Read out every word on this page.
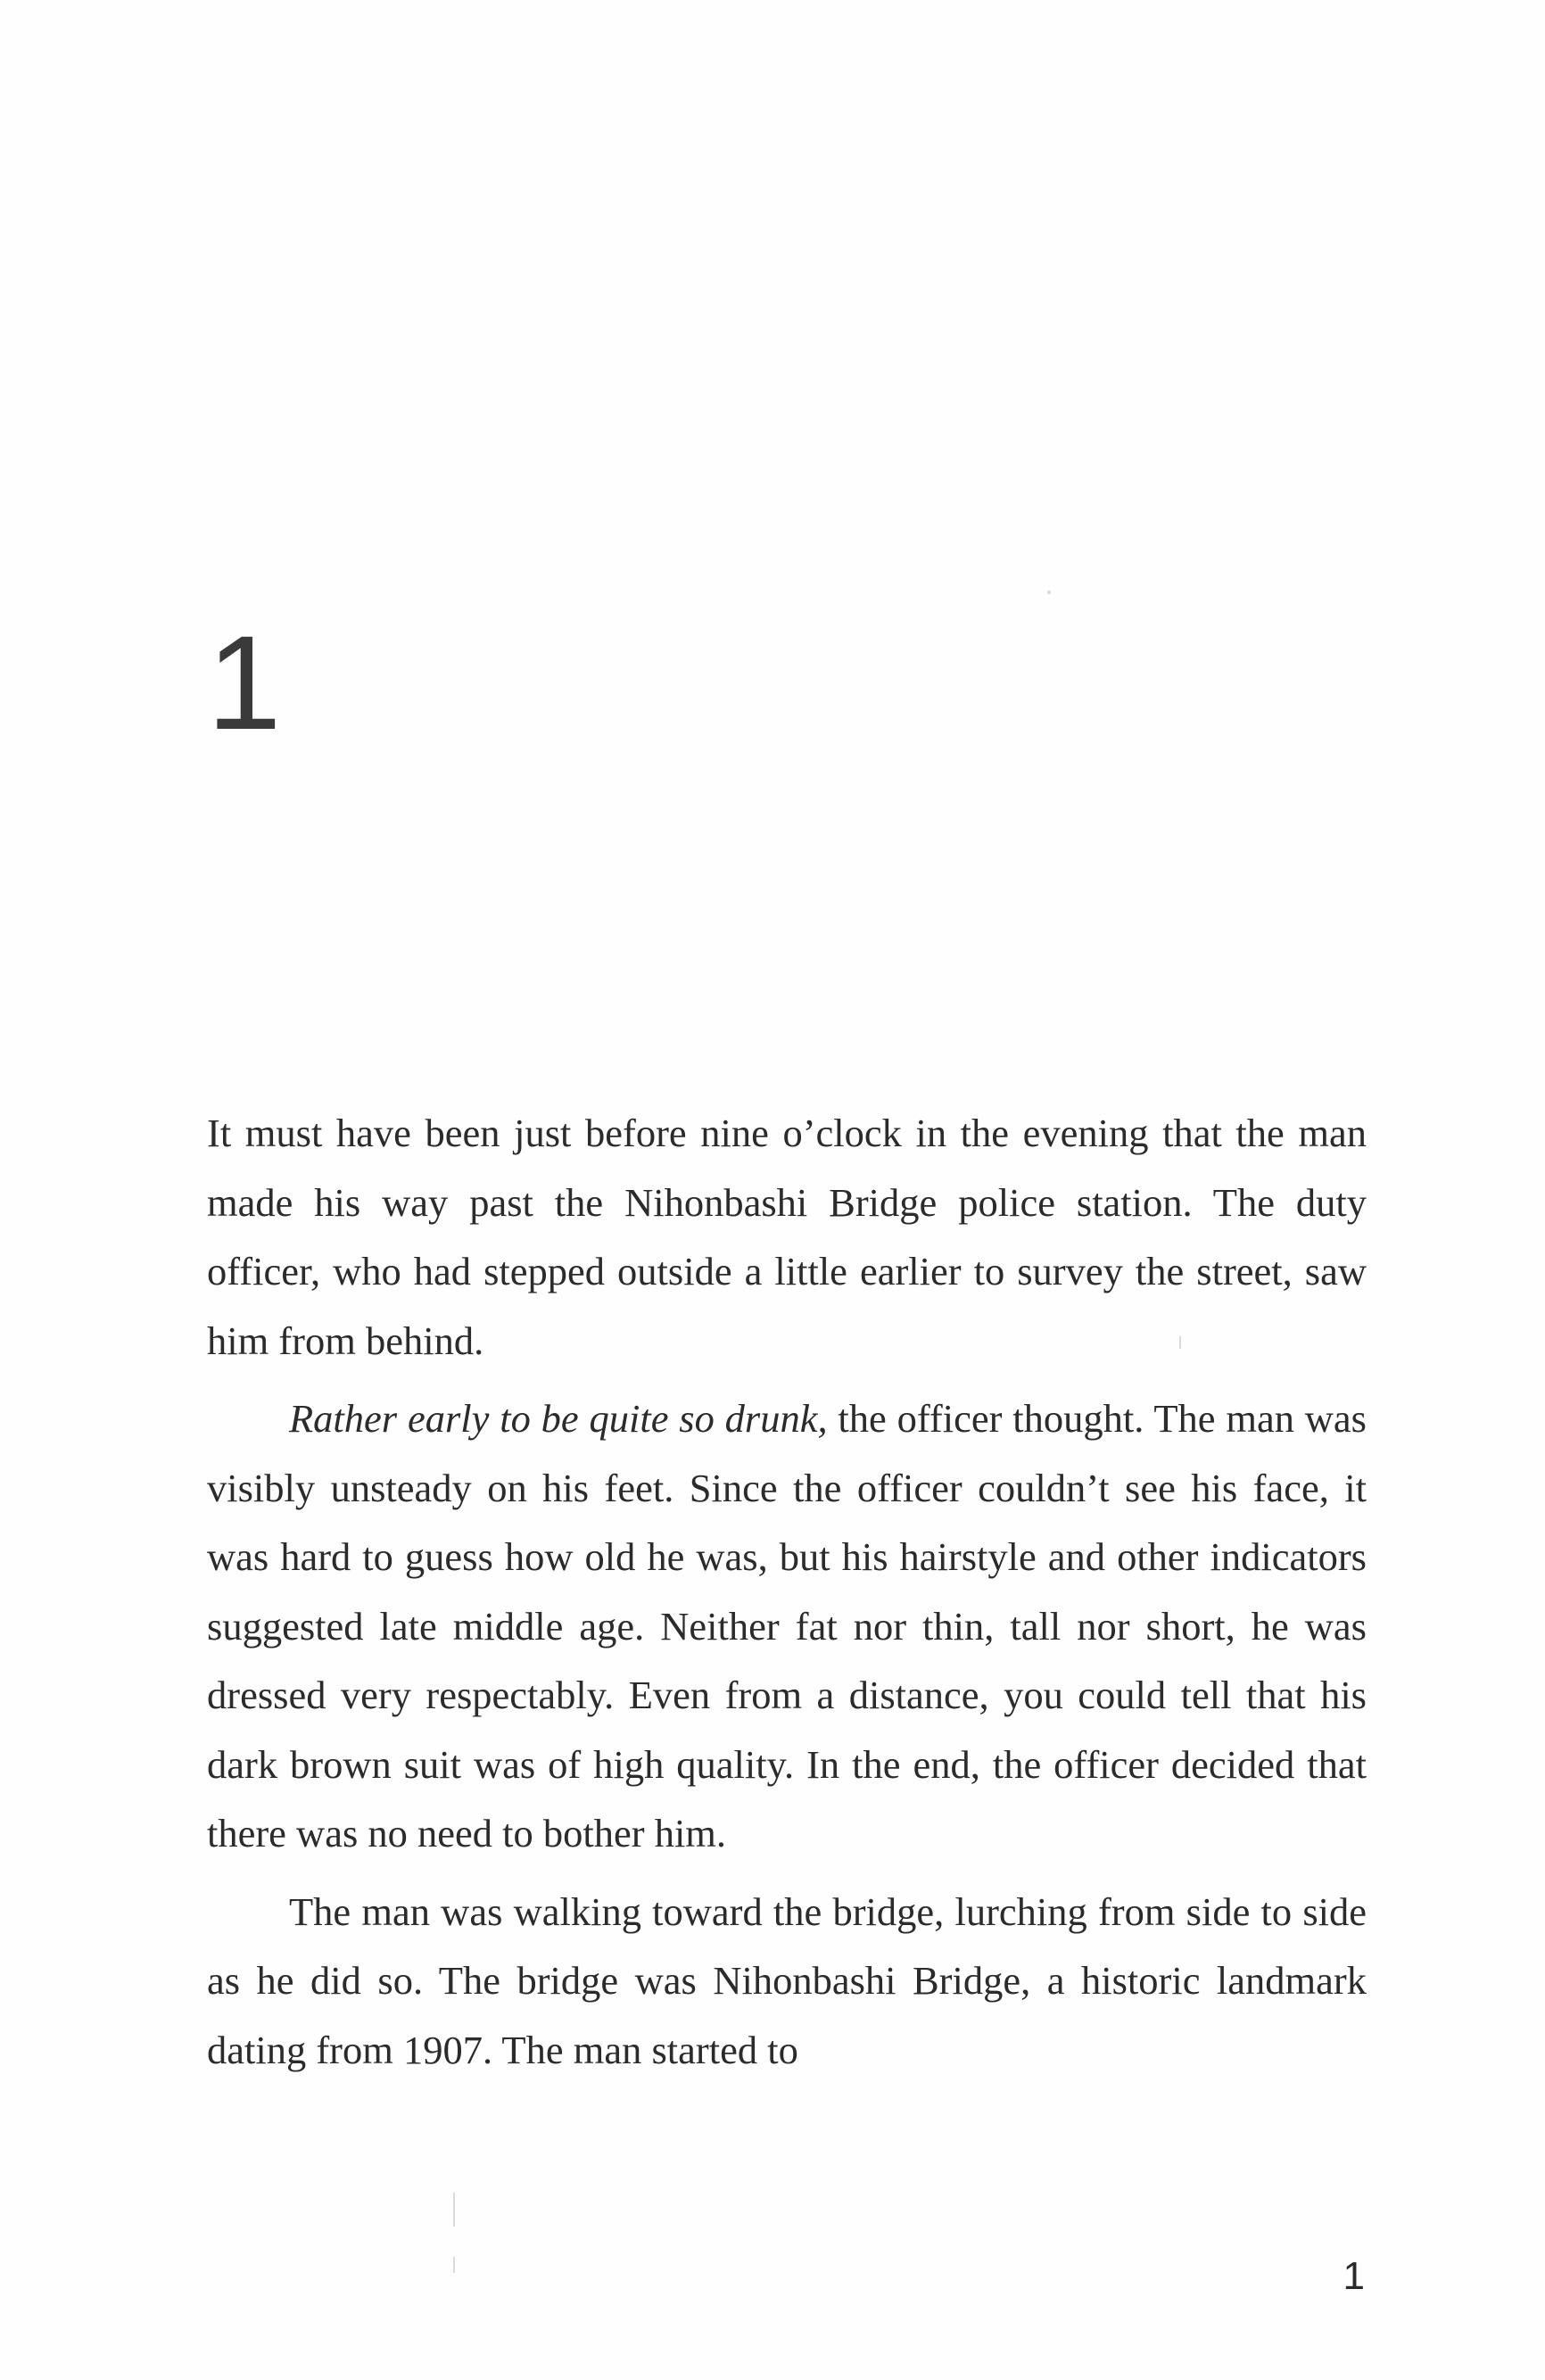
1

It must have been just before nine o’clock in the evening that the man made his way past the Nihonbashi Bridge police station. The duty officer, who had stepped outside a little earlier to survey the street, saw him from behind.

Rather early to be quite so drunk, the officer thought. The man was visibly unsteady on his feet. Since the officer couldn’t see his face, it was hard to guess how old he was, but his hairstyle and other indicators suggested late middle age. Neither fat nor thin, tall nor short, he was dressed very respectably. Even from a distance, you could tell that his dark brown suit was of high quality. In the end, the officer decided that there was no need to bother him.

The man was walking toward the bridge, lurching from side to side as he did so. The bridge was Nihonbashi Bridge, a historic landmark dating from 1907. The man started to

1
